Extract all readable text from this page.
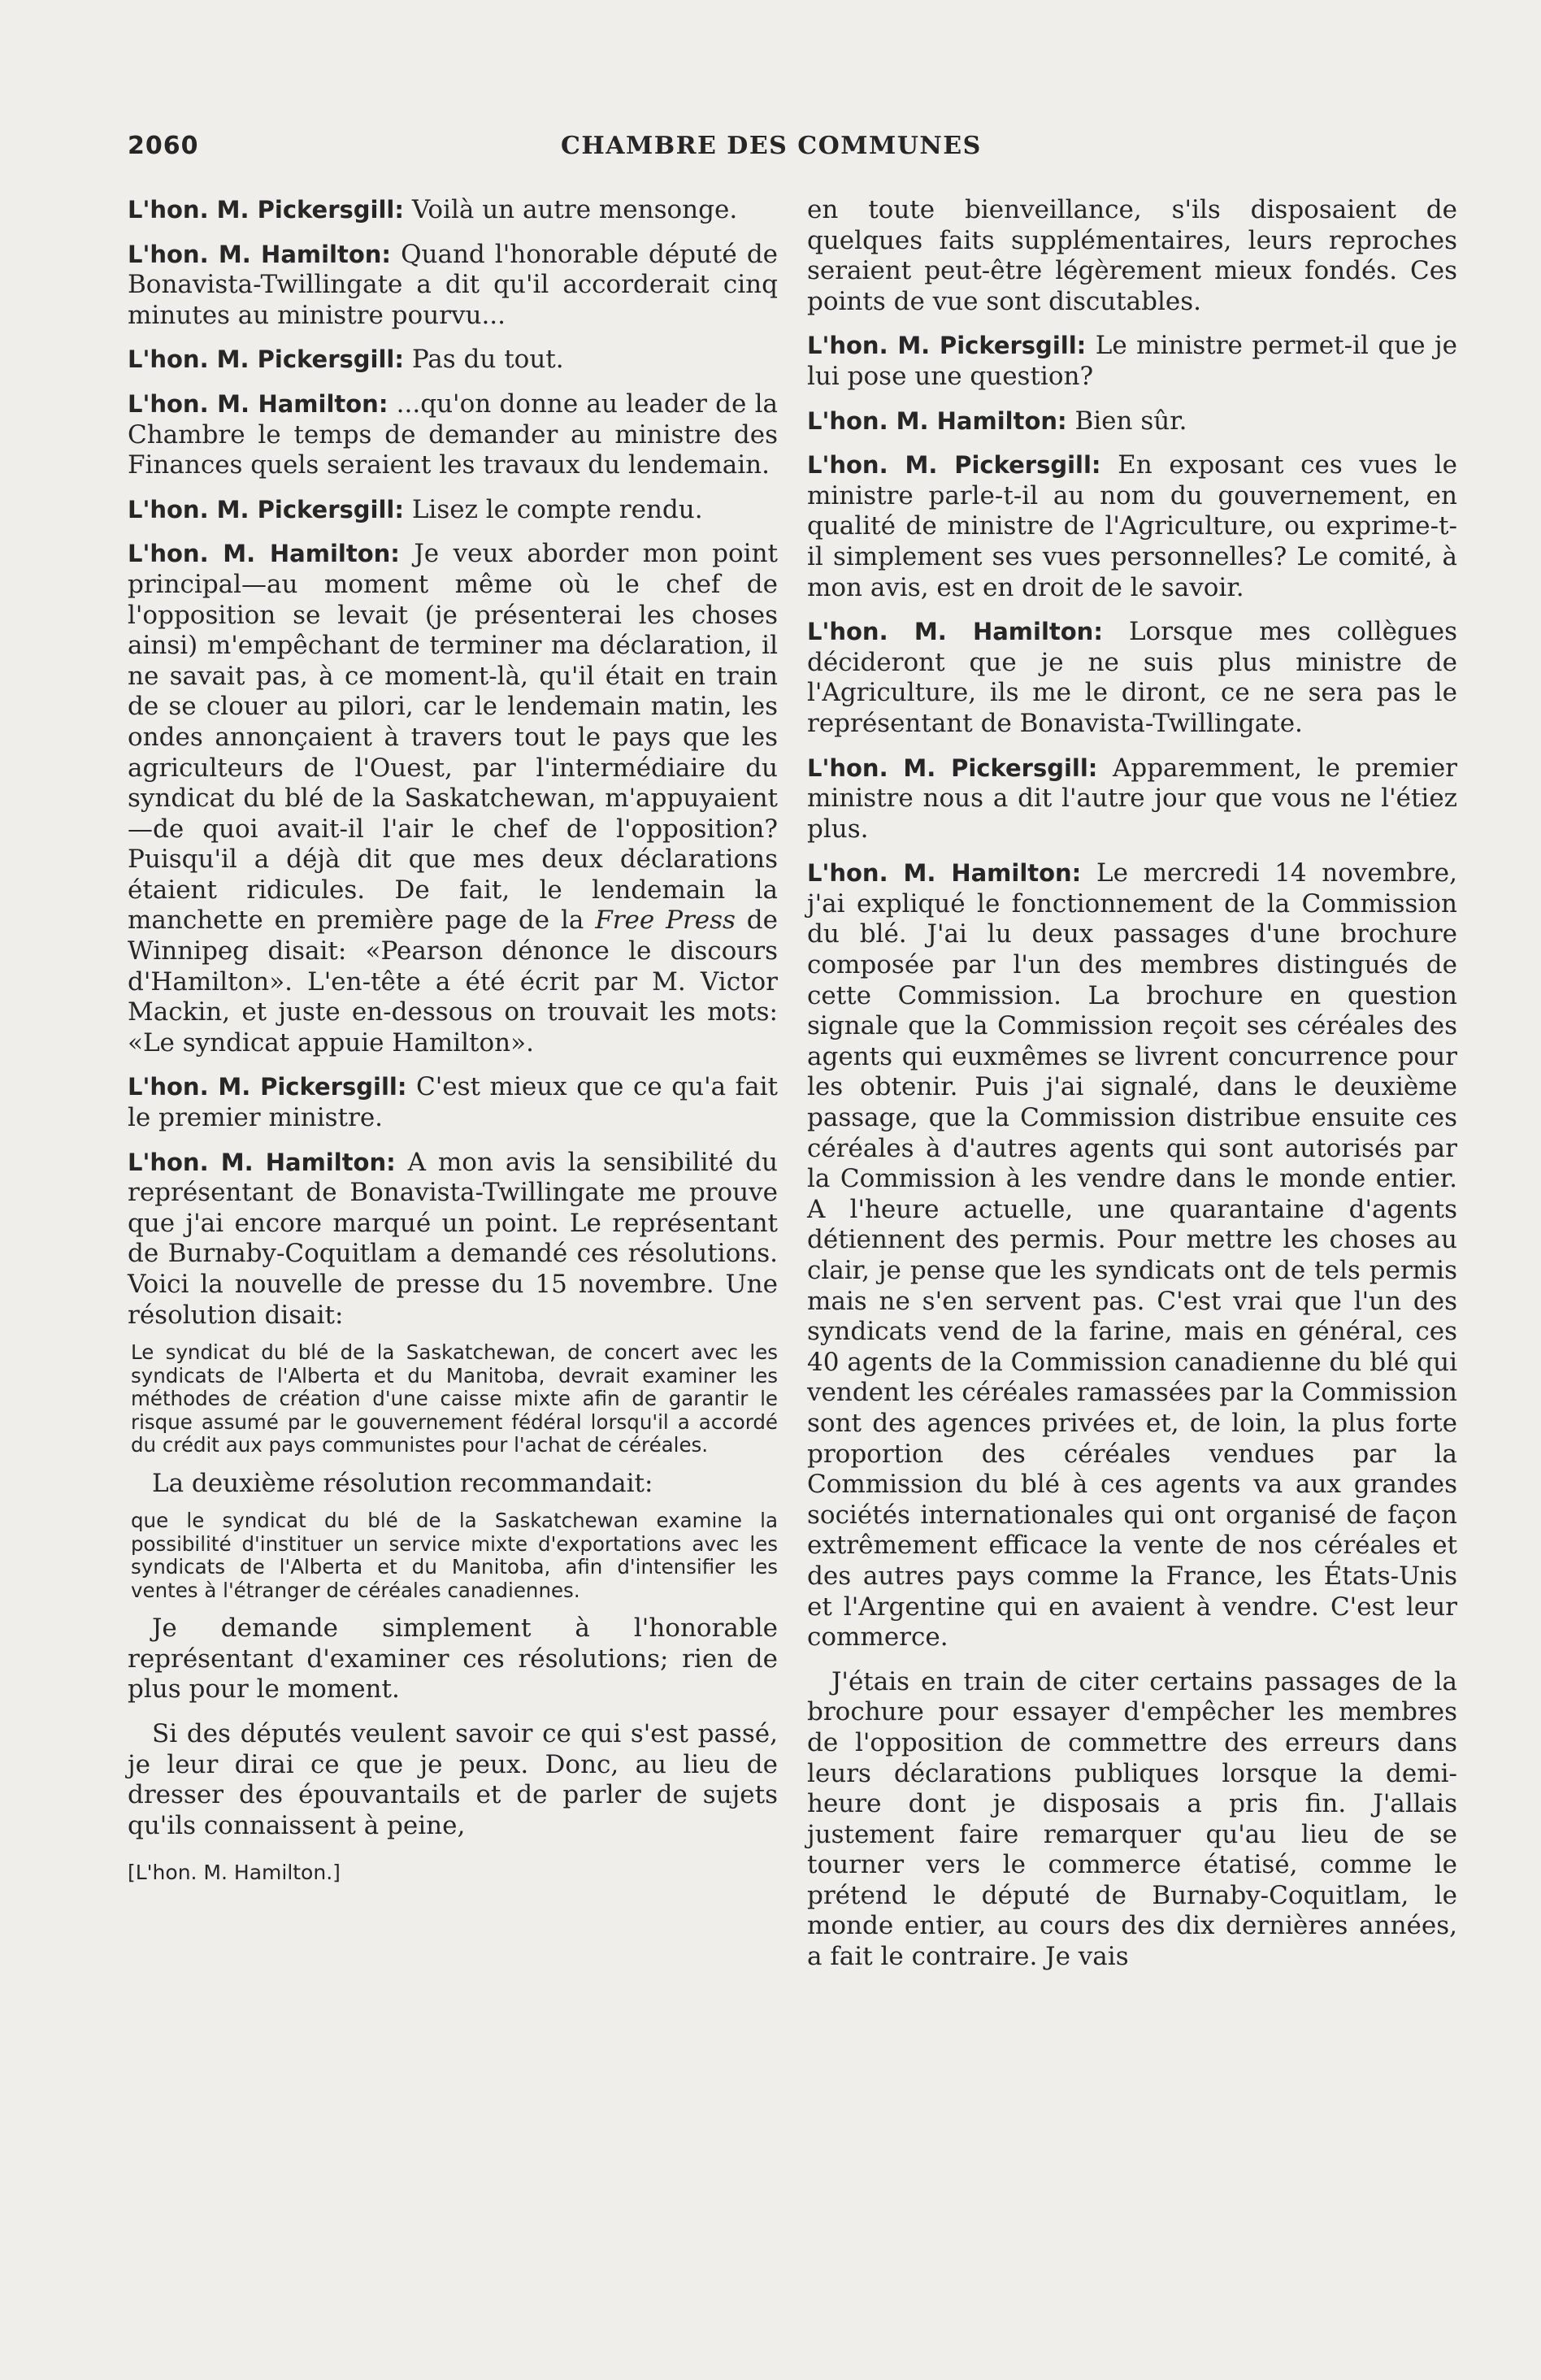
2060	CHAMBRE DES COMMUNES

L'hon. M. Pickersgill: Voilà un autre mensonge.

L'hon. M. Hamilton: Quand l'honorable député de Bonavista-Twillingate a dit qu'il accorderait cinq minutes au ministre pourvu...

L'hon. M. Pickersgill: Pas du tout.

L'hon. M. Hamilton: ...qu'on donne au leader de la Chambre le temps de demander au ministre des Finances quels seraient les travaux du lendemain.

L'hon. M. Pickersgill: Lisez le compte rendu.

L'hon. M. Hamilton: Je veux aborder mon point principal—au moment même où le chef de l'opposition se levait (je présenterai les choses ainsi) m'empêchant de terminer ma déclaration, il ne savait pas, à ce moment-là, qu'il était en train de se clouer au pilori, car le lendemain matin, les ondes annonçaient à travers tout le pays que les agriculteurs de l'Ouest, par l'intermédiaire du syndicat du blé de la Saskatchewan, m'appuyaient—de quoi avait-il l'air le chef de l'opposition? Puisqu'il a déjà dit que mes deux déclarations étaient ridicules. De fait, le lendemain la manchette en première page de la Free Press de Winnipeg disait: «Pearson dénonce le discours d'Hamilton». L'en-tête a été écrit par M. Victor Mackin, et juste en-dessous on trouvait les mots: «Le syndicat appuie Hamilton».

L'hon. M. Pickersgill: C'est mieux que ce qu'a fait le premier ministre.

L'hon. M. Hamilton: A mon avis la sensibilité du représentant de Bonavista-Twillingate me prouve que j'ai encore marqué un point. Le représentant de Burnaby-Coquitlam a demandé ces résolutions. Voici la nouvelle de presse du 15 novembre. Une résolution disait:

Le syndicat du blé de la Saskatchewan, de concert avec les syndicats de l'Alberta et du Manitoba, devrait examiner les méthodes de création d'une caisse mixte afin de garantir le risque assumé par le gouvernement fédéral lorsqu'il a accordé du crédit aux pays communistes pour l'achat de céréales.

La deuxième résolution recommandait:

que le syndicat du blé de la Saskatchewan examine la possibilité d'instituer un service mixte d'exportations avec les syndicats de l'Alberta et du Manitoba, afin d'intensifier les ventes à l'étranger de céréales canadiennes.

Je demande simplement à l'honorable représentant d'examiner ces résolutions; rien de plus pour le moment.

Si des députés veulent savoir ce qui s'est passé, je leur dirai ce que je peux. Donc, au lieu de dresser des épouvantails et de parler de sujets qu'ils connaissent à peine,

[L'hon. M. Hamilton.]

en toute bienveillance, s'ils disposaient de quelques faits supplémentaires, leurs reproches seraient peut-être légèrement mieux fondés. Ces points de vue sont discutables.

L'hon. M. Pickersgill: Le ministre permet-il que je lui pose une question?

L'hon. M. Hamilton: Bien sûr.

L'hon. M. Pickersgill: En exposant ces vues le ministre parle-t-il au nom du gouvernement, en qualité de ministre de l'Agriculture, ou exprime-t-il simplement ses vues personnelles? Le comité, à mon avis, est en droit de le savoir.

L'hon. M. Hamilton: Lorsque mes collègues décideront que je ne suis plus ministre de l'Agriculture, ils me le diront, ce ne sera pas le représentant de Bonavista-Twillingate.

L'hon. M. Pickersgill: Apparemment, le premier ministre nous a dit l'autre jour que vous ne l'étiez plus.

L'hon. M. Hamilton: Le mercredi 14 novembre, j'ai expliqué le fonctionnement de la Commission du blé. J'ai lu deux passages d'une brochure composée par l'un des membres distingués de cette Commission. La brochure en question signale que la Commission reçoit ses céréales des agents qui euxmêmes se livrent concurrence pour les obtenir. Puis j'ai signalé, dans le deuxième passage, que la Commission distribue ensuite ces céréales à d'autres agents qui sont autorisés par la Commission à les vendre dans le monde entier. A l'heure actuelle, une quarantaine d'agents détiennent des permis. Pour mettre les choses au clair, je pense que les syndicats ont de tels permis mais ne s'en servent pas. C'est vrai que l'un des syndicats vend de la farine, mais en général, ces 40 agents de la Commission canadienne du blé qui vendent les céréales ramassées par la Commission sont des agences privées et, de loin, la plus forte proportion des céréales vendues par la Commission du blé à ces agents va aux grandes sociétés internationales qui ont organisé de façon extrêmement efficace la vente de nos céréales et des autres pays comme la France, les États-Unis et l'Argentine qui en avaient à vendre. C'est leur commerce.

J'étais en train de citer certains passages de la brochure pour essayer d'empêcher les membres de l'opposition de commettre des erreurs dans leurs déclarations publiques lorsque la demi-heure dont je disposais a pris fin. J'allais justement faire remarquer qu'au lieu de se tourner vers le commerce étatisé, comme le prétend le député de Burnaby-Coquitlam, le monde entier, au cours des dix dernières années, a fait le contraire. Je vais
